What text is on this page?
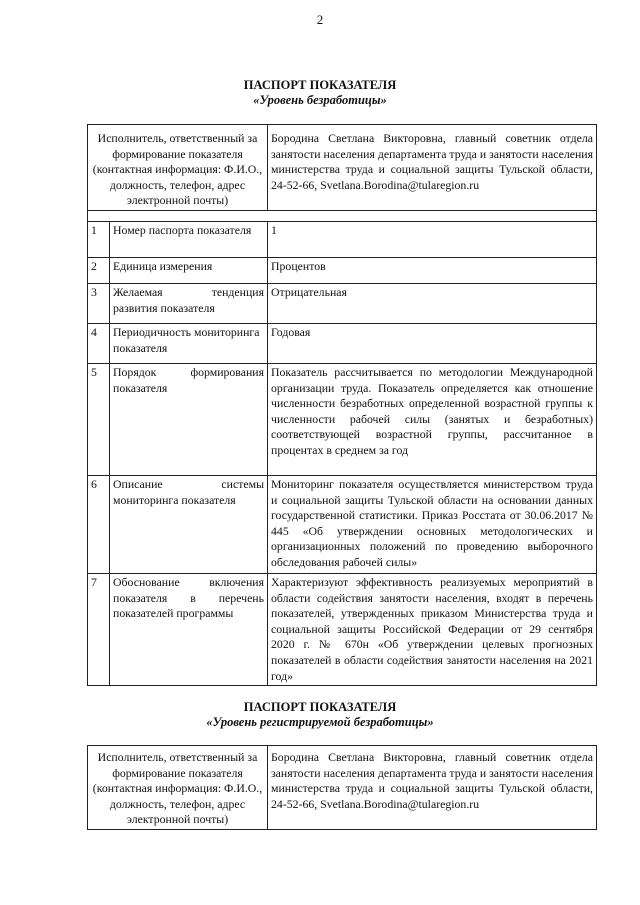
2
ПАСПОРТ ПОКАЗАТЕЛЯ
«Уровень безработицы»
Исполнитель, ответственный за формирование показателя (контактная информация: Ф.И.О., должность, телефон, адрес электронной почты)		Бородина Светлана Викторовна, главный советник отдела занятости населения департамента труда и занятости населения министерства труда и социальной защиты Тульской области, 24-52-66, Svetlana.Borodina@tularegion.ru

1	Номер паспорта показателя	1
2	Единица измерения	Процентов
3	Желаемая тенденция развития показателя	Отрицательная
4	Периодичность мониторинга показателя	Годовая
5	Порядок формирования показателя	Показатель рассчитывается по методологии Международной организации труда. Показатель определяется как отношение численности безработных определенной возрастной группы к численности рабочей силы (занятых и безработных) соответствующей возрастной группы, рассчитанное в процентах в среднем за год
6	Описание системы мониторинга показателя	Мониторинг показателя осуществляется министерством труда и социальной защиты Тульской области на основании данных государственной статистики. Приказ Росстата от 30.06.2017 № 445 «Об утверждении основных методологических и организационных положений по проведению выборочного обследования рабочей силы»
7	Обоснование включения показателя в перечень показателей программы	Характеризуют эффективность реализуемых мероприятий в области содействия занятости населения, входят в перечень показателей, утвержденных приказом Министерства труда и социальной защиты Российской Федерации от 29 сентября 2020 г. № 670н «Об утверждении целевых прогнозных показателей в области содействия занятости населения на 2021 год»
ПАСПОРТ ПОКАЗАТЕЛЯ
«Уровень регистрируемой безработицы»
Исполнитель, ответственный за формирование показателя (контактная информация: Ф.И.О., должность, телефон, адрес электронной почты)	Бородина Светлана Викторовна, главный советник отдела занятости населения департамента труда и занятости населения министерства труда и социальной защиты Тульской области, 24-52-66, Svetlana.Borodina@tularegion.ru
